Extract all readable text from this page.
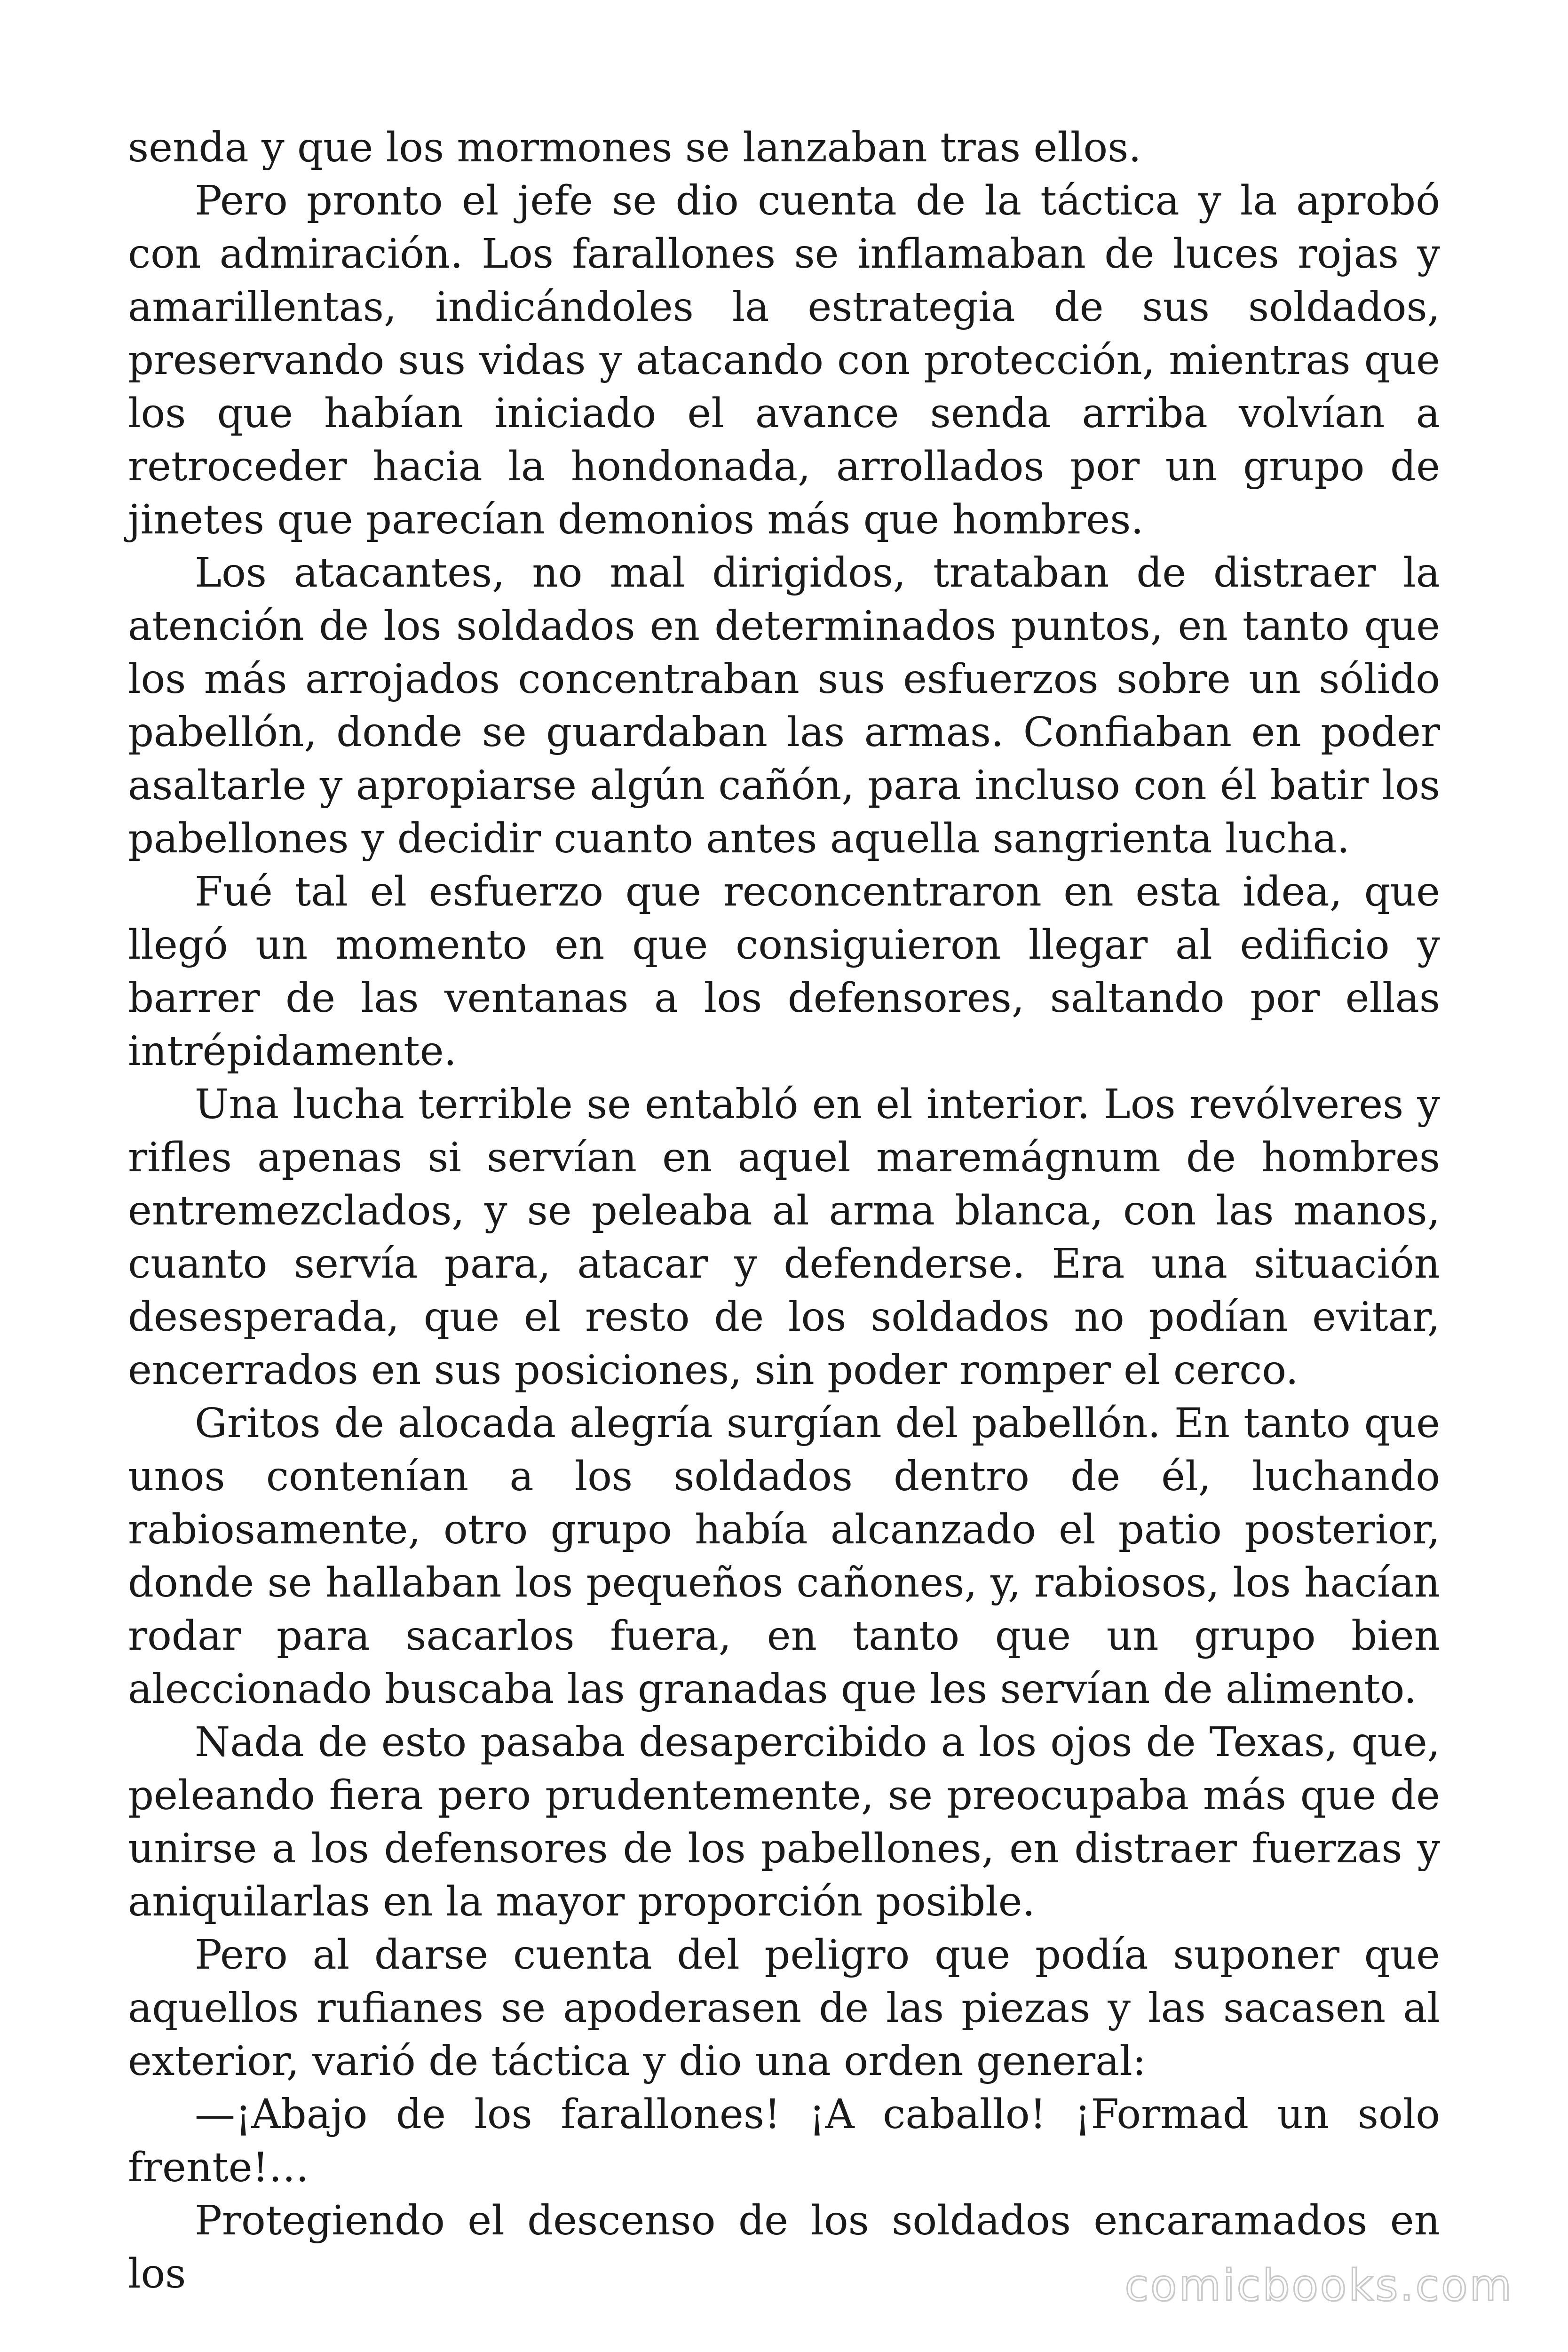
senda y que los mormones se lanzaban tras ellos.

Pero pronto el jefe se dio cuenta de la táctica y la aprobó con admiración. Los farallones se inflamaban de luces rojas y amarillentas, indicándoles la estrategia de sus soldados, preservando sus vidas y atacando con protección, mientras que los que habían iniciado el avance senda arriba volvían a retroceder hacia la hondonada, arrollados por un grupo de jinetes que parecían demonios más que hombres.

Los atacantes, no mal dirigidos, trataban de distraer la atención de los soldados en determinados puntos, en tanto que los más arrojados concentraban sus esfuerzos sobre un sólido pabellón, donde se guardaban las armas. Confiaban en poder asaltarle y apropiarse algún cañón, para incluso con él batir los pabellones y decidir cuanto antes aquella sangrienta lucha.

Fué tal el esfuerzo que reconcentraron en esta idea, que llegó un momento en que consiguieron llegar al edificio y barrer de las ventanas a los defensores, saltando por ellas intrépidamente.

Una lucha terrible se entabló en el interior. Los revólveres y rifles apenas si servían en aquel maremágnum de hombres entremezclados, y se peleaba al arma blanca, con las manos, cuanto servía para, atacar y defenderse. Era una situación desesperada, que el resto de los soldados no podían evitar, encerrados en sus posiciones, sin poder romper el cerco.

Gritos de alocada alegría surgían del pabellón. En tanto que unos contenían a los soldados dentro de él, luchando rabiosamente, otro grupo había alcanzado el patio posterior, donde se hallaban los pequeños cañones, y, rabiosos, los hacían rodar para sacarlos fuera, en tanto que un grupo bien aleccionado buscaba las granadas que les servían de alimento.

Nada de esto pasaba desapercibido a los ojos de Texas, que, peleando fiera pero prudentemente, se preocupaba más que de unirse a los defensores de los pabellones, en distraer fuerzas y aniquilarlas en la mayor proporción posible.

Pero al darse cuenta del peligro que podía suponer que aquellos rufianes se apoderasen de las piezas y las sacasen al exterior, varió de táctica y dio una orden general:

—¡Abajo de los farallones! ¡A caballo! ¡Formad un solo frente!…

Protegiendo el descenso de los soldados encaramados en los	comicbooks.com
